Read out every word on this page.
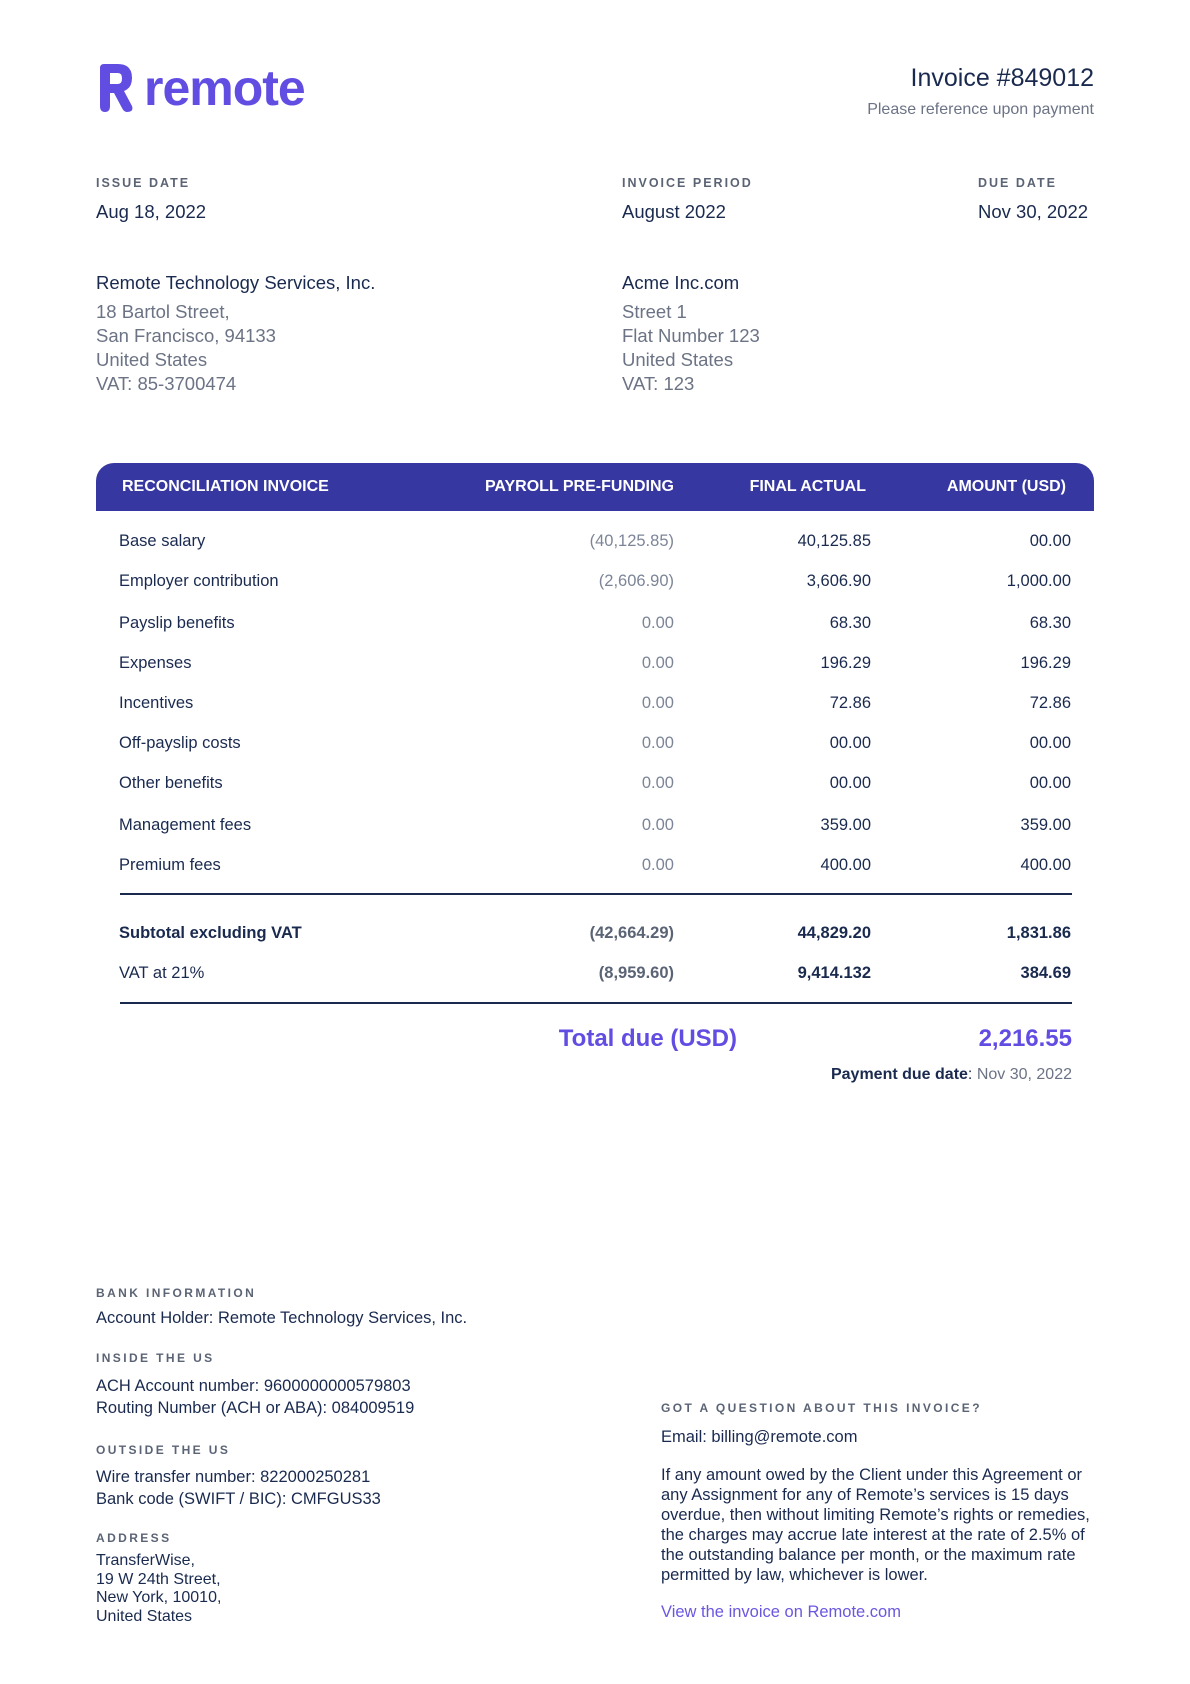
remote	Invoice #849012
Please reference upon payment
ISSUE DATE
Aug 18, 2022
INVOICE PERIOD
August 2022
DUE DATE
Nov 30, 2022
Remote Technology Services, Inc.
18 Bartol Street,
San Francisco, 94133
United States
VAT: 85-3700474
Acme Inc.com
Street 1
Flat Number 123
United States
VAT: 123
RECONCILIATION INVOICE	PAYROLL PRE-FUNDING	FINAL ACTUAL	AMOUNT (USD)
Base salary	(40,125.85)	40,125.85	00.00
Employer contribution	(2,606.90)	3,606.90	1,000.00
Payslip benefits	0.00	68.30	68.30
Expenses	0.00	196.29	196.29
Incentives	0.00	72.86	72.86
Off-payslip costs	0.00	00.00	00.00
Other benefits	0.00	00.00	00.00
Management fees	0.00	359.00	359.00
Premium fees	0.00	400.00	400.00
Subtotal excluding VAT	(42,664.29)	44,829.20	1,831.86
VAT at 21%	(8,959.60)	9,414.132	384.69
Total due (USD)	2,216.55
Payment due date: Nov 30, 2022
BANK INFORMATION
Account Holder: Remote Technology Services, Inc.
INSIDE THE US
ACH Account number: 9600000000579803
Routing Number (ACH or ABA): 084009519
OUTSIDE THE US
Wire transfer number: 822000250281
Bank code (SWIFT / BIC): CMFGUS33
ADDRESS
TransferWise,
19 W 24th Street,
New York, 10010,
United States
GOT A QUESTION ABOUT THIS INVOICE?
Email: billing@remote.com
If any amount owed by the Client under this Agreement or any Assignment for any of Remote’s services is 15 days overdue, then without limiting Remote’s rights or remedies, the charges may accrue late interest at the rate of 2.5% of the outstanding balance per month, or the maximum rate permitted by law, whichever is lower.
View the invoice on Remote.com
